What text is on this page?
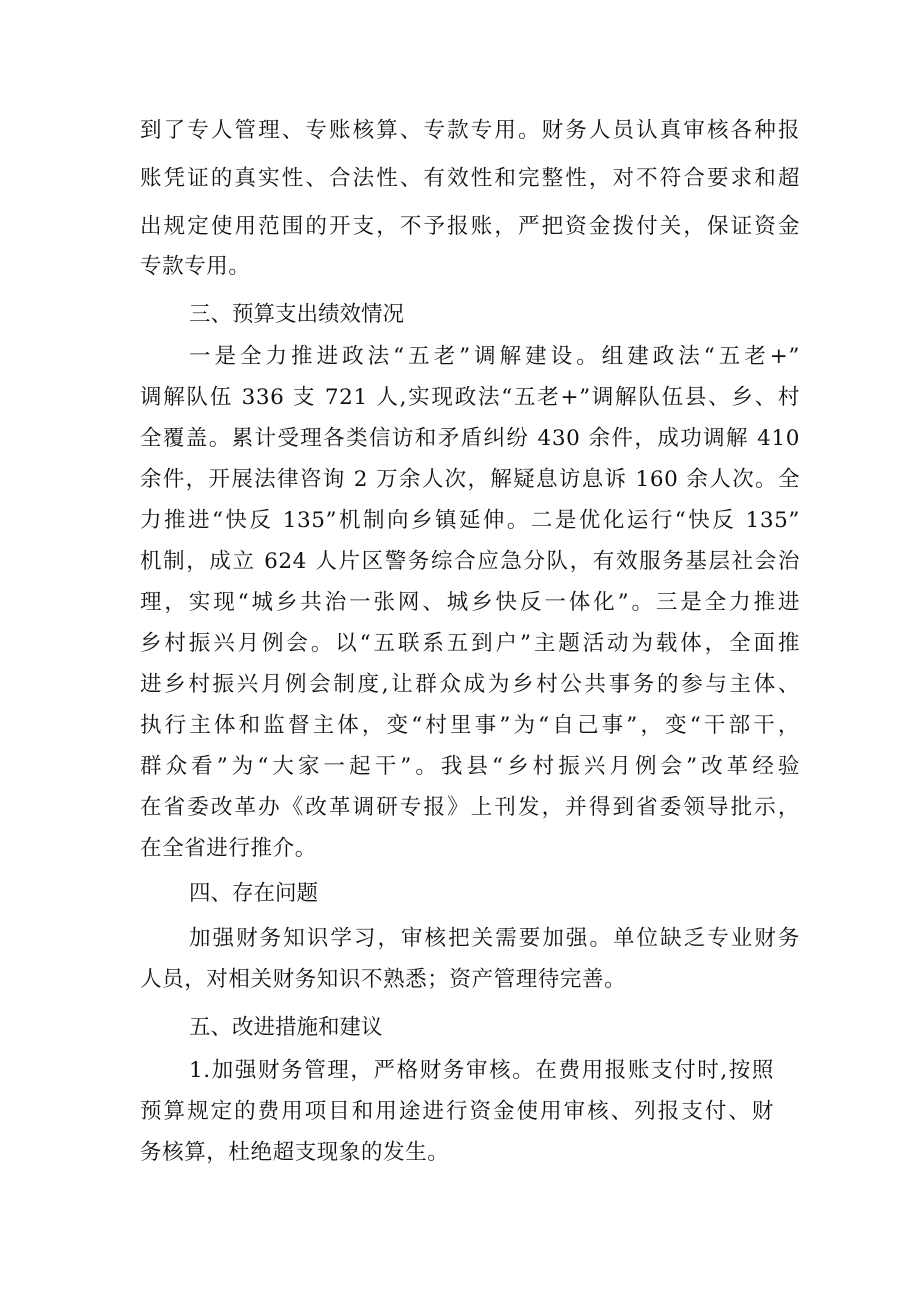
到了专人管理、专账核算、专款专用。财务人员认真审核各种报
账凭证的真实性、合法性、有效性和完整性，对不符合要求和超
出规定使用范围的开支，不予报账，严把资金拨付关，保证资金
专款专用。
三、预算支出绩效情况
一是全力推进政法“五老”调解建设。组建政法“五老+”
调解队伍 336 支 721 人,实现政法“五老+”调解队伍县、乡、村
全覆盖。累计受理各类信访和矛盾纠纷 430 余件，成功调解 410
余件，开展法律咨询 2 万余人次，解疑息访息诉 160 余人次。全
力推进“快反 135”机制向乡镇延伸。二是优化运行“快反 135”
机制，成立 624 人片区警务综合应急分队，有效服务基层社会治
理，实现“城乡共治一张网、城乡快反一体化”。三是全力推进
乡村振兴月例会。以“五联系五到户”主题活动为载体，全面推
进乡村振兴月例会制度,让群众成为乡村公共事务的参与主体、
执行主体和监督主体，变“村里事”为“自己事”，变“干部干，
群众看”为“大家一起干”。我县“乡村振兴月例会”改革经验
在省委改革办《改革调研专报》上刊发，并得到省委领导批示，
在全省进行推介。
四、存在问题
加强财务知识学习，审核把关需要加强。单位缺乏专业财务
人员，对相关财务知识不熟悉；资产管理待完善。
五、改进措施和建议
1.加强财务管理，严格财务审核。在费用报账支付时,按照
预算规定的费用项目和用途进行资金使用审核、列报支付、财
务核算，杜绝超支现象的发生。
